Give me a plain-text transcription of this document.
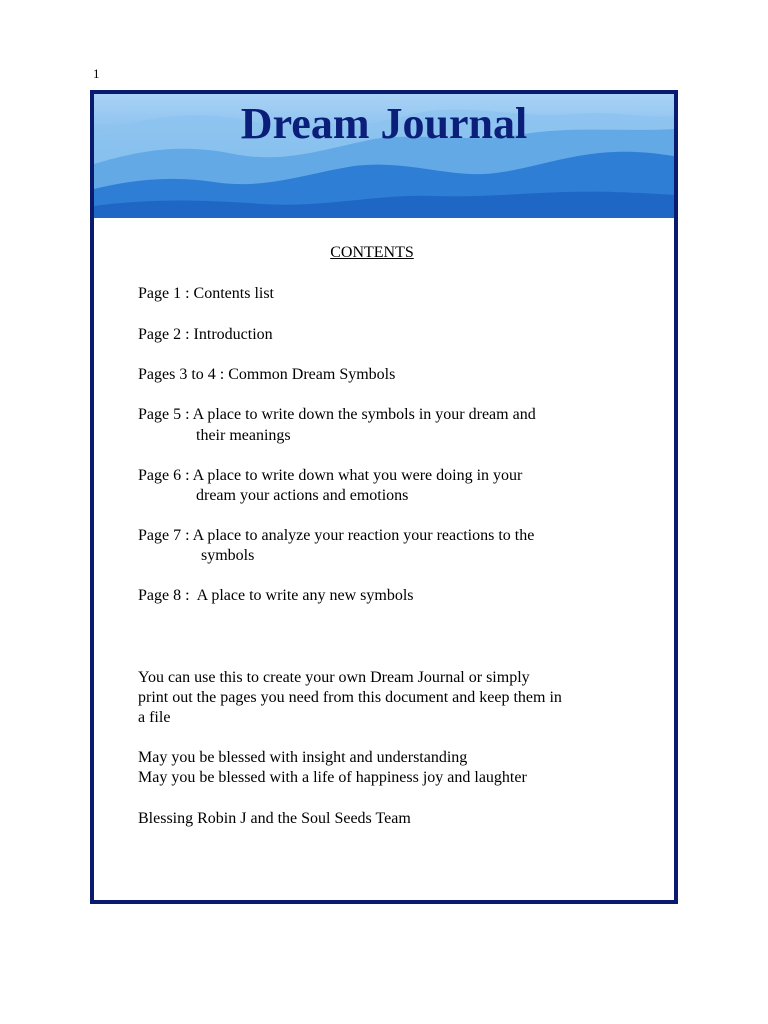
1
Dream Journal
CONTENTS
Page 1 : Contents list
Page 2 : Introduction
Pages 3 to 4 : Common Dream Symbols
Page 5 : A place to write down the symbols in your dream and
their meanings
Page 6 : A place to write down what you were doing in your
dream your actions and emotions
Page 7 : A place to analyze your reaction your reactions to the
symbols
Page 8 :  A place to write any new symbols
You can use this to create your own Dream Journal or simply
print out the pages you need from this document and keep them in
a file
May you be blessed with insight and understanding
May you be blessed with a life of happiness joy and laughter
Blessing Robin J and the Soul Seeds Team
